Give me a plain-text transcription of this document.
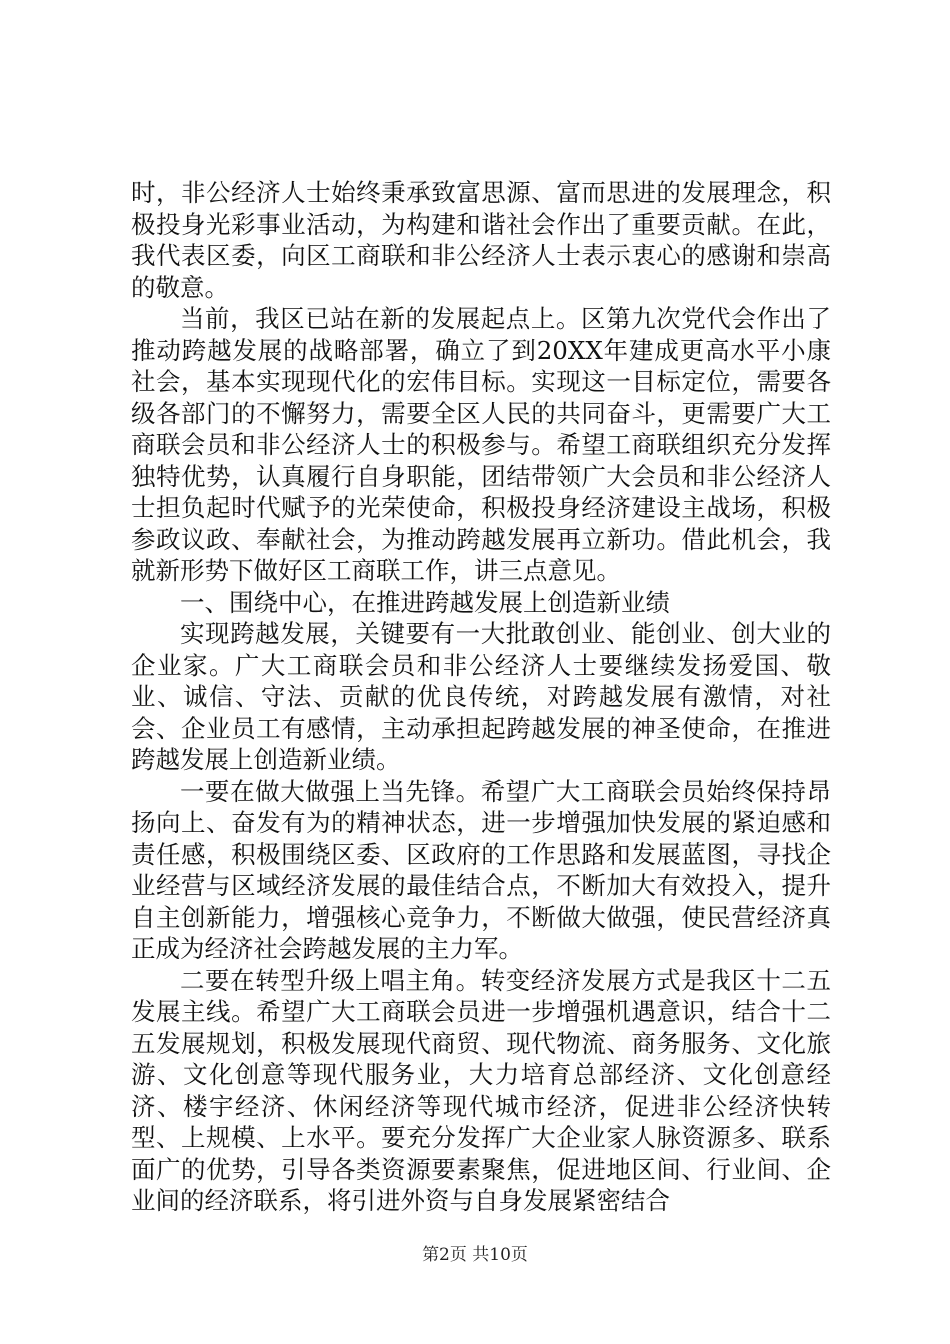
时，非公经济人士始终秉承致富思源、富而思进的发展理念，积极投身光彩事业活动，为构建和谐社会作出了重要贡献。在此，我代表区委，向区工商联和非公经济人士表示衷心的感谢和崇高的敬意。

当前，我区已站在新的发展起点上。区第九次党代会作出了推动跨越发展的战略部署，确立了到20XX年建成更高水平小康社会，基本实现现代化的宏伟目标。实现这一目标定位，需要各级各部门的不懈努力，需要全区人民的共同奋斗，更需要广大工商联会员和非公经济人士的积极参与。希望工商联组织充分发挥独特优势，认真履行自身职能，团结带领广大会员和非公经济人士担负起时代赋予的光荣使命，积极投身经济建设主战场，积极参政议政、奉献社会，为推动跨越发展再立新功。借此机会，我就新形势下做好区工商联工作，讲三点意见。

一、围绕中心，在推进跨越发展上创造新业绩

实现跨越发展，关键要有一大批敢创业、能创业、创大业的企业家。广大工商联会员和非公经济人士要继续发扬爱国、敬业、诚信、守法、贡献的优良传统，对跨越发展有激情，对社会、企业员工有感情，主动承担起跨越发展的神圣使命，在推进跨越发展上创造新业绩。

一要在做大做强上当先锋。希望广大工商联会员始终保持昂扬向上、奋发有为的精神状态，进一步增强加快发展的紧迫感和责任感，积极围绕区委、区政府的工作思路和发展蓝图，寻找企业经营与区域经济发展的最佳结合点，不断加大有效投入，提升自主创新能力，增强核心竞争力，不断做大做强，使民营经济真正成为经济社会跨越发展的主力军。

二要在转型升级上唱主角。转变经济发展方式是我区十二五发展主线。希望广大工商联会员进一步增强机遇意识，结合十二五发展规划，积极发展现代商贸、现代物流、商务服务、文化旅游、文化创意等现代服务业，大力培育总部经济、文化创意经济、楼宇经济、休闲经济等现代城市经济，促进非公经济快转型、上规模、上水平。要充分发挥广大企业家人脉资源多、联系面广的优势，引导各类资源要素聚焦，促进地区间、行业间、企业间的经济联系，将引进外资与自身发展紧密结合

第2页 共10页
